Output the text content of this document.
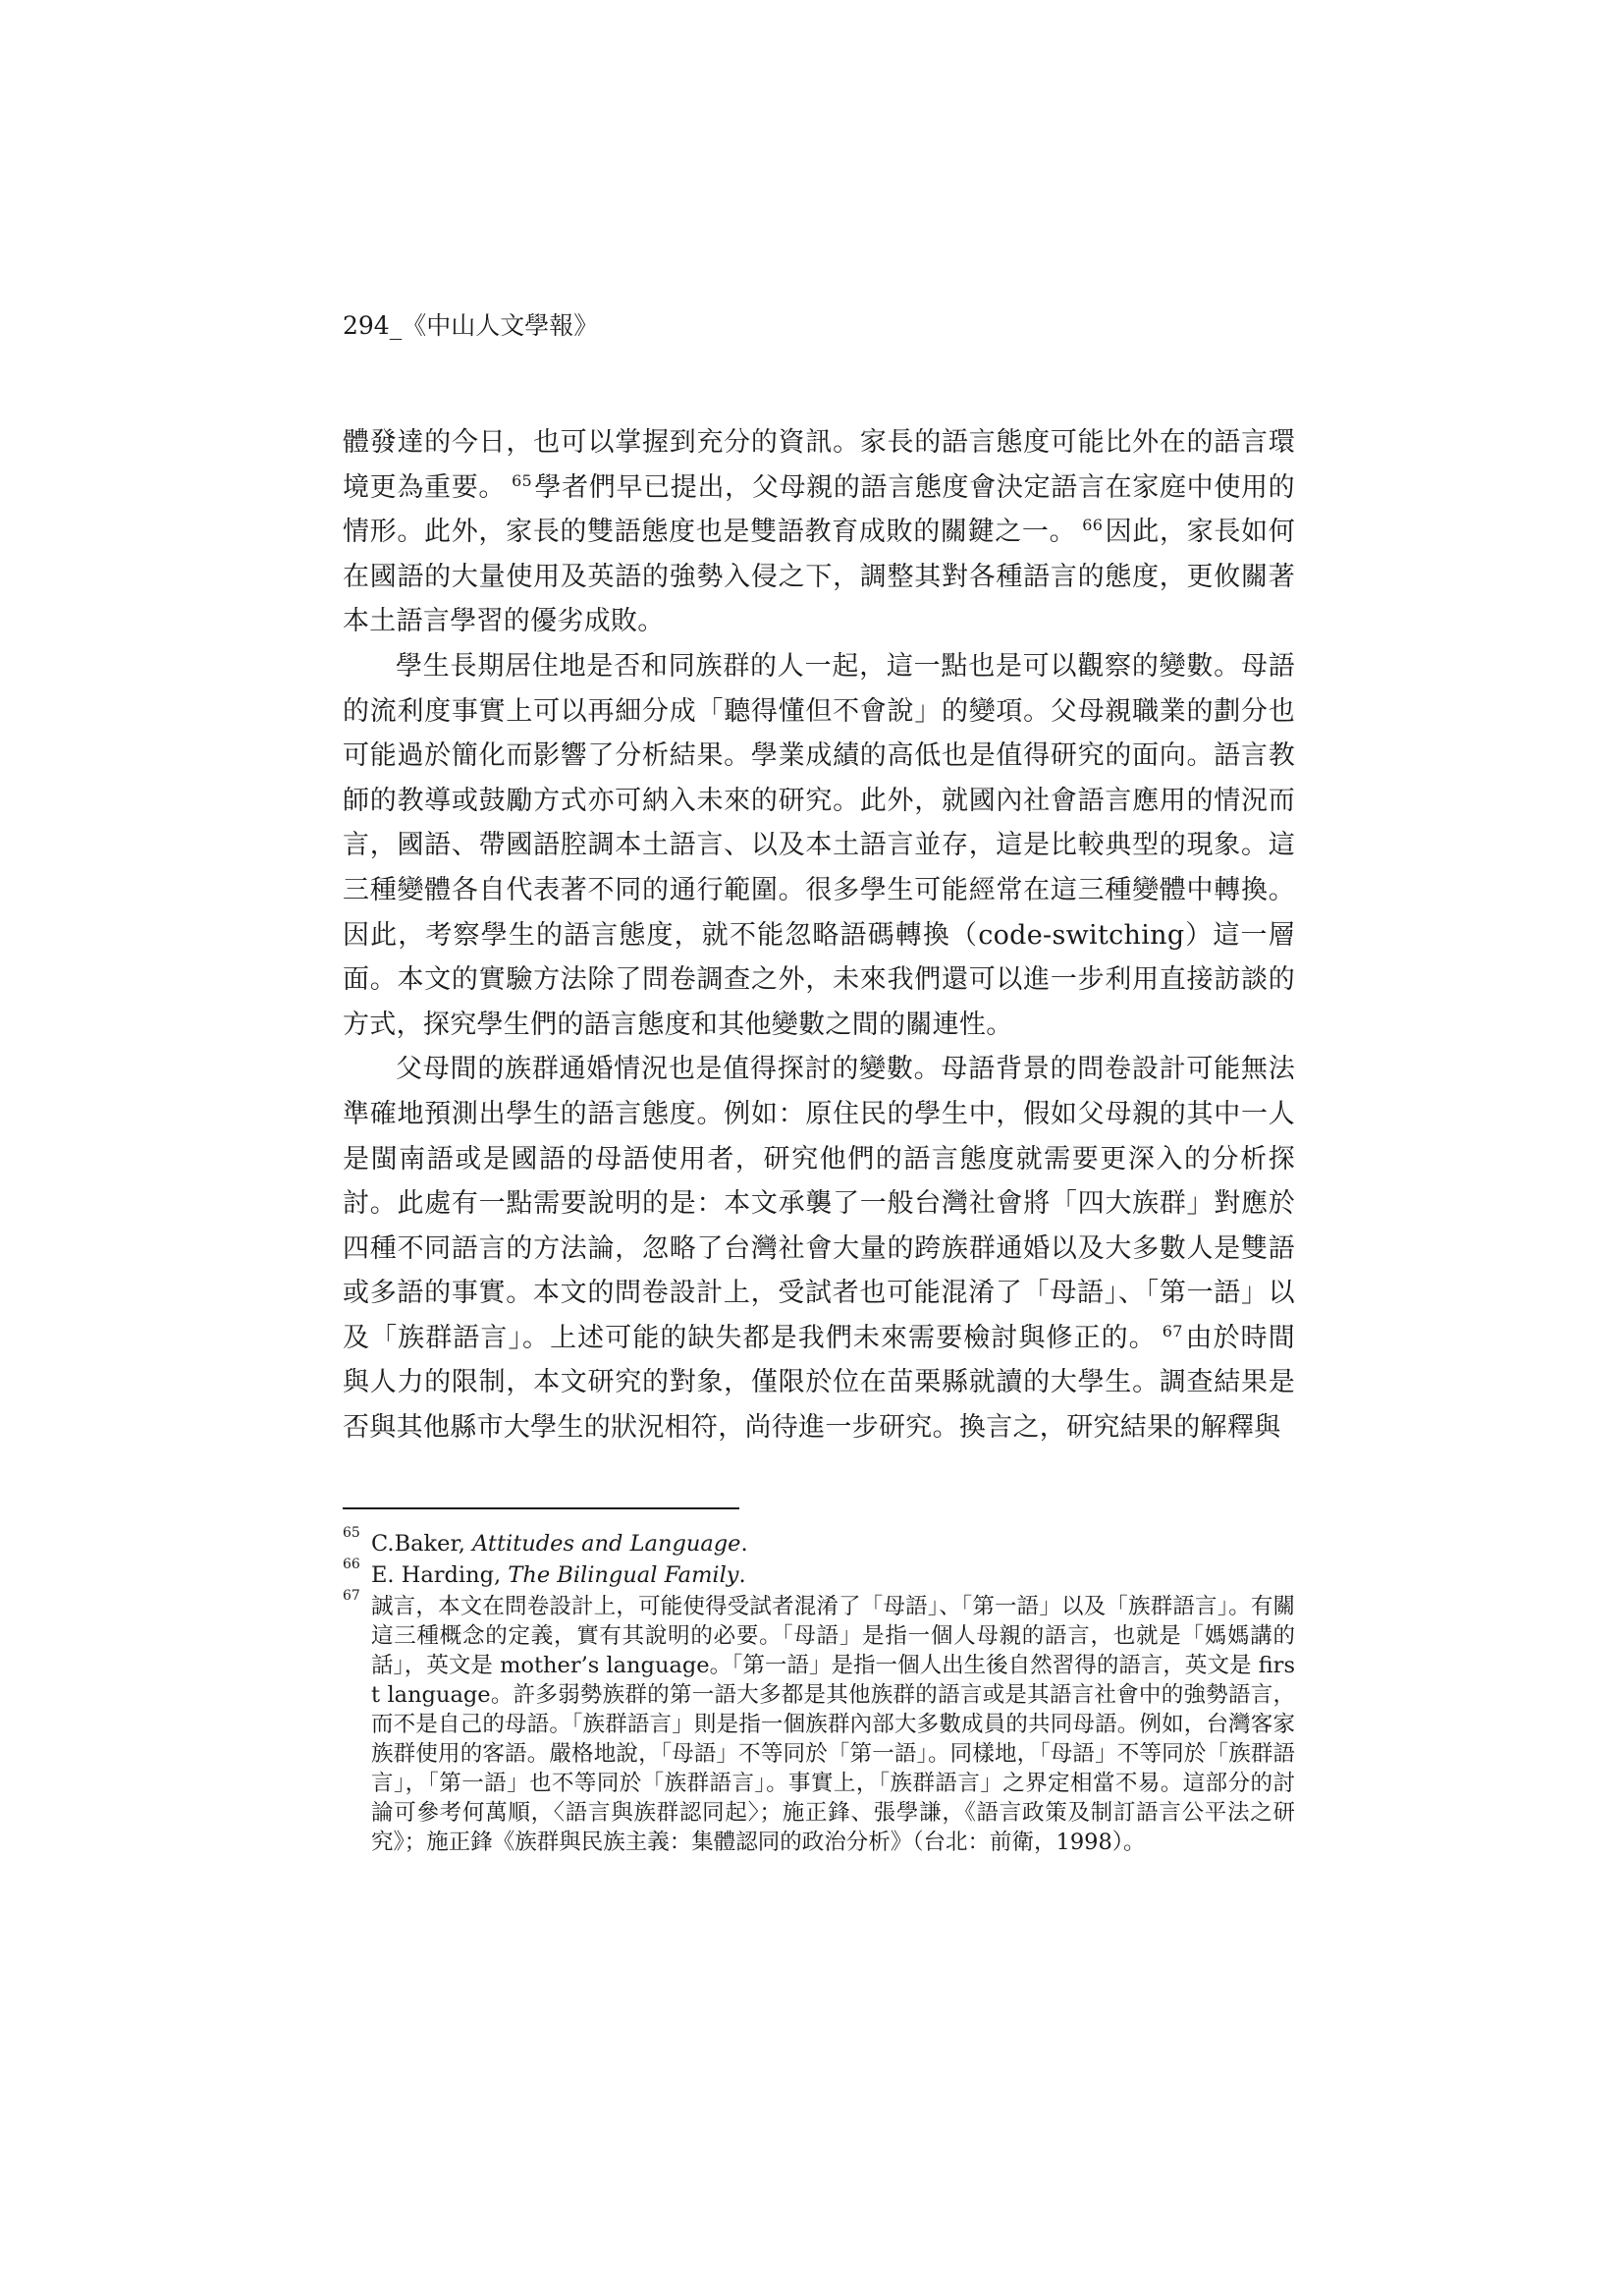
294_《中山人文學報》

體發達的今日，也可以掌握到充分的資訊。家長的語言態度可能比外在的語言環境更為重要。 $^{65}$學者們早已提出，父母親的語言態度會決定語言在家庭中使用的情形。此外，家長的雙語態度也是雙語教育成敗的關鍵之一。 $^{66}$因此，家長如何在國語的大量使用及英語的強勢入侵之下，調整其對各種語言的態度，更攸關著本土語言學習的優劣成敗。

學生長期居住地是否和同族群的人一起，這一點也是可以觀察的變數。母語的流利度事實上可以再細分成「聽得懂但不會說」的變項。父母親職業的劃分也可能過於簡化而影響了分析結果。學業成績的高低也是值得研究的面向。語言教師的教導或鼓勵方式亦可納入未來的研究。此外，就國內社會語言應用的情況而言，國語、帶國語腔調本土語言、以及本土語言並存，這是比較典型的現象。這三種變體各自代表著不同的通行範圍。很多學生可能經常在這三種變體中轉換。因此，考察學生的語言態度，就不能忽略語碼轉換（code-switching）這一層面。本文的實驗方法除了問卷調查之外，未來我們還可以進一步利用直接訪談的方式，探究學生們的語言態度和其他變數之間的關連性。

父母間的族群通婚情況也是值得探討的變數。母語背景的問卷設計可能無法準確地預測出學生的語言態度。例如：原住民的學生中，假如父母親的其中一人是閩南語或是國語的母語使用者，研究他們的語言態度就需要更深入的分析探討。此處有一點需要說明的是：本文承襲了一般台灣社會將「四大族群」對應於四種不同語言的方法論，忽略了台灣社會大量的跨族群通婚以及大多數人是雙語或多語的事實。本文的問卷設計上，受試者也可能混淆了「母語」、「第一語」以及「族群語言」。上述可能的缺失都是我們未來需要檢討與修正的。 $^{67}$由於時間與人力的限制，本文研究的對象，僅限於位在苗栗縣就讀的大學生。調查結果是否與其他縣市大學生的狀況相符，尚待進一步研究。換言之，研究結果的解釋與

65 C.Baker, Attitudes and Language.
66 E. Harding, The Bilingual Family.
67 誠言，本文在問卷設計上，可能使得受試者混淆了「母語」、「第一語」以及「族群語言」。有關這三種概念的定義，實有其說明的必要。「母語」是指一個人母親的語言，也就是「媽媽講的話」，英文是 mother’s language。「第一語」是指一個人出生後自然習得的語言，英文是 first language。許多弱勢族群的第一語大多都是其他族群的語言或是其語言社會中的強勢語言，而不是自己的母語。「族群語言」則是指一個族群內部大多數成員的共同母語。例如，台灣客家族群使用的客語。嚴格地說，「母語」不等同於「第一語」。同樣地，「母語」不等同於「族群語言」，「第一語」也不等同於「族群語言」。事實上，「族群語言」之界定相當不易。這部分的討論可參考何萬順，〈語言與族群認同起〉；施正鋒、張學謙，《語言政策及制訂語言公平法之研究》；施正鋒《族群與民族主義：集體認同的政治分析》（台北：前衛，1998）。
